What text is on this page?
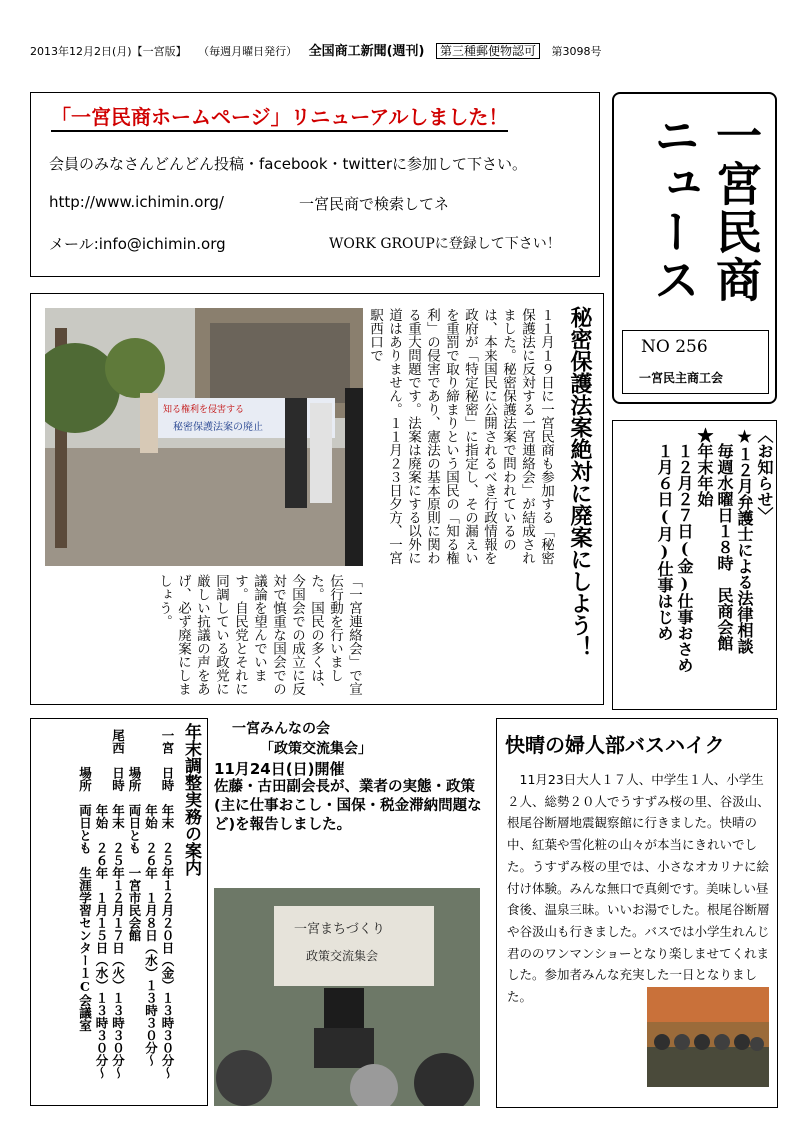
2013年12月2日(月)【一宮版】 （毎週月曜日発行） 全国商工新聞(週刊) 第三種郵便物認可 第3098号
「一宮民商ホームページ」リニューアルしました！
会員のみなさんどんどん投稿・facebook・twitterに参加して下さい。
http://www.ichimin.org/	一宮民商で検索してネ
メール:info@ichimin.org	WORK GROUPに登録して下さい！	一宮民商ニュース
NO 256
一宮民主商工会
〈お知らせ〉
★１２月弁護士による法律相談
　毎週水曜日１８時　民商会館
★年末年始
　１２月２７日(金)仕事おさめ
　１月６日(月)仕事はじめ
知る権利を侵害する
秘密保護法案の廃止	秘密保護法案絶対に廃案にしよう！
１１月１９日に一宮民商も参加する「秘密保護法に反対する一宮連絡会」が結成されました。秘密保護法案で問われているのは、本来国民に公開されるべき行政情報を政府が「特定秘密」に指定し、その漏えいを重罰で取り締まりという国民の「知る権利」の侵害であり、憲法の基本原則に関わる重大問題です。法案は廃案にする以外に道はありません。１１月２３日夕方、一宮駅西口で
「一宮連絡会」で宣伝行動を行いました。国民の多くは、今国会での成立に反対で慎重な国会での議論を望んでいます。自民党とそれに同調している政党に厳しい抗議の声をあげ、必ず廃案にしましょう。
年末調整実務の案内
一宮　日時　年末　２５年１２月２０日（金）１３時３０分～
　　　　　　年始　２６年　１月８日（水）１３時３０分～
　　　場所　両日とも　一宮市民会館
尾西　日時　年末　２５年１２月１７日（火）１３時３０分～
　　　　　　年始　２６年　１月１５日（水）１３時３０分～
　　　場所　両日とも　生涯学習センター１C会議室
一宮みんなの会
「政策交流集会」
11月24日(日)開催
佐藤・古田副会長が、業者の実態・政策(主に仕事おこし・国保・税金滞納問題など)を報告しました。
一宮まちづくり
政策交流集会
快晴の婦人部バスハイク
11月23日大人１７人、中学生１人、小学生２人、総勢２０人でうすずみ桜の里、谷汲山、根尾谷断層地震観察館に行きました。快晴の中、紅葉や雪化粧の山々が本当にきれいでした。うすずみ桜の里では、小さなオカリナに絵付け体験。みんな無口で真剣です。美味しい昼食後、温泉三昧。いいお湯でした。根尾谷断層や谷汲山も行きました。バスでは小学生れんじ君ののワンマンショーとなり楽しませてくれました。参加者みんな充実した一日となりました。
